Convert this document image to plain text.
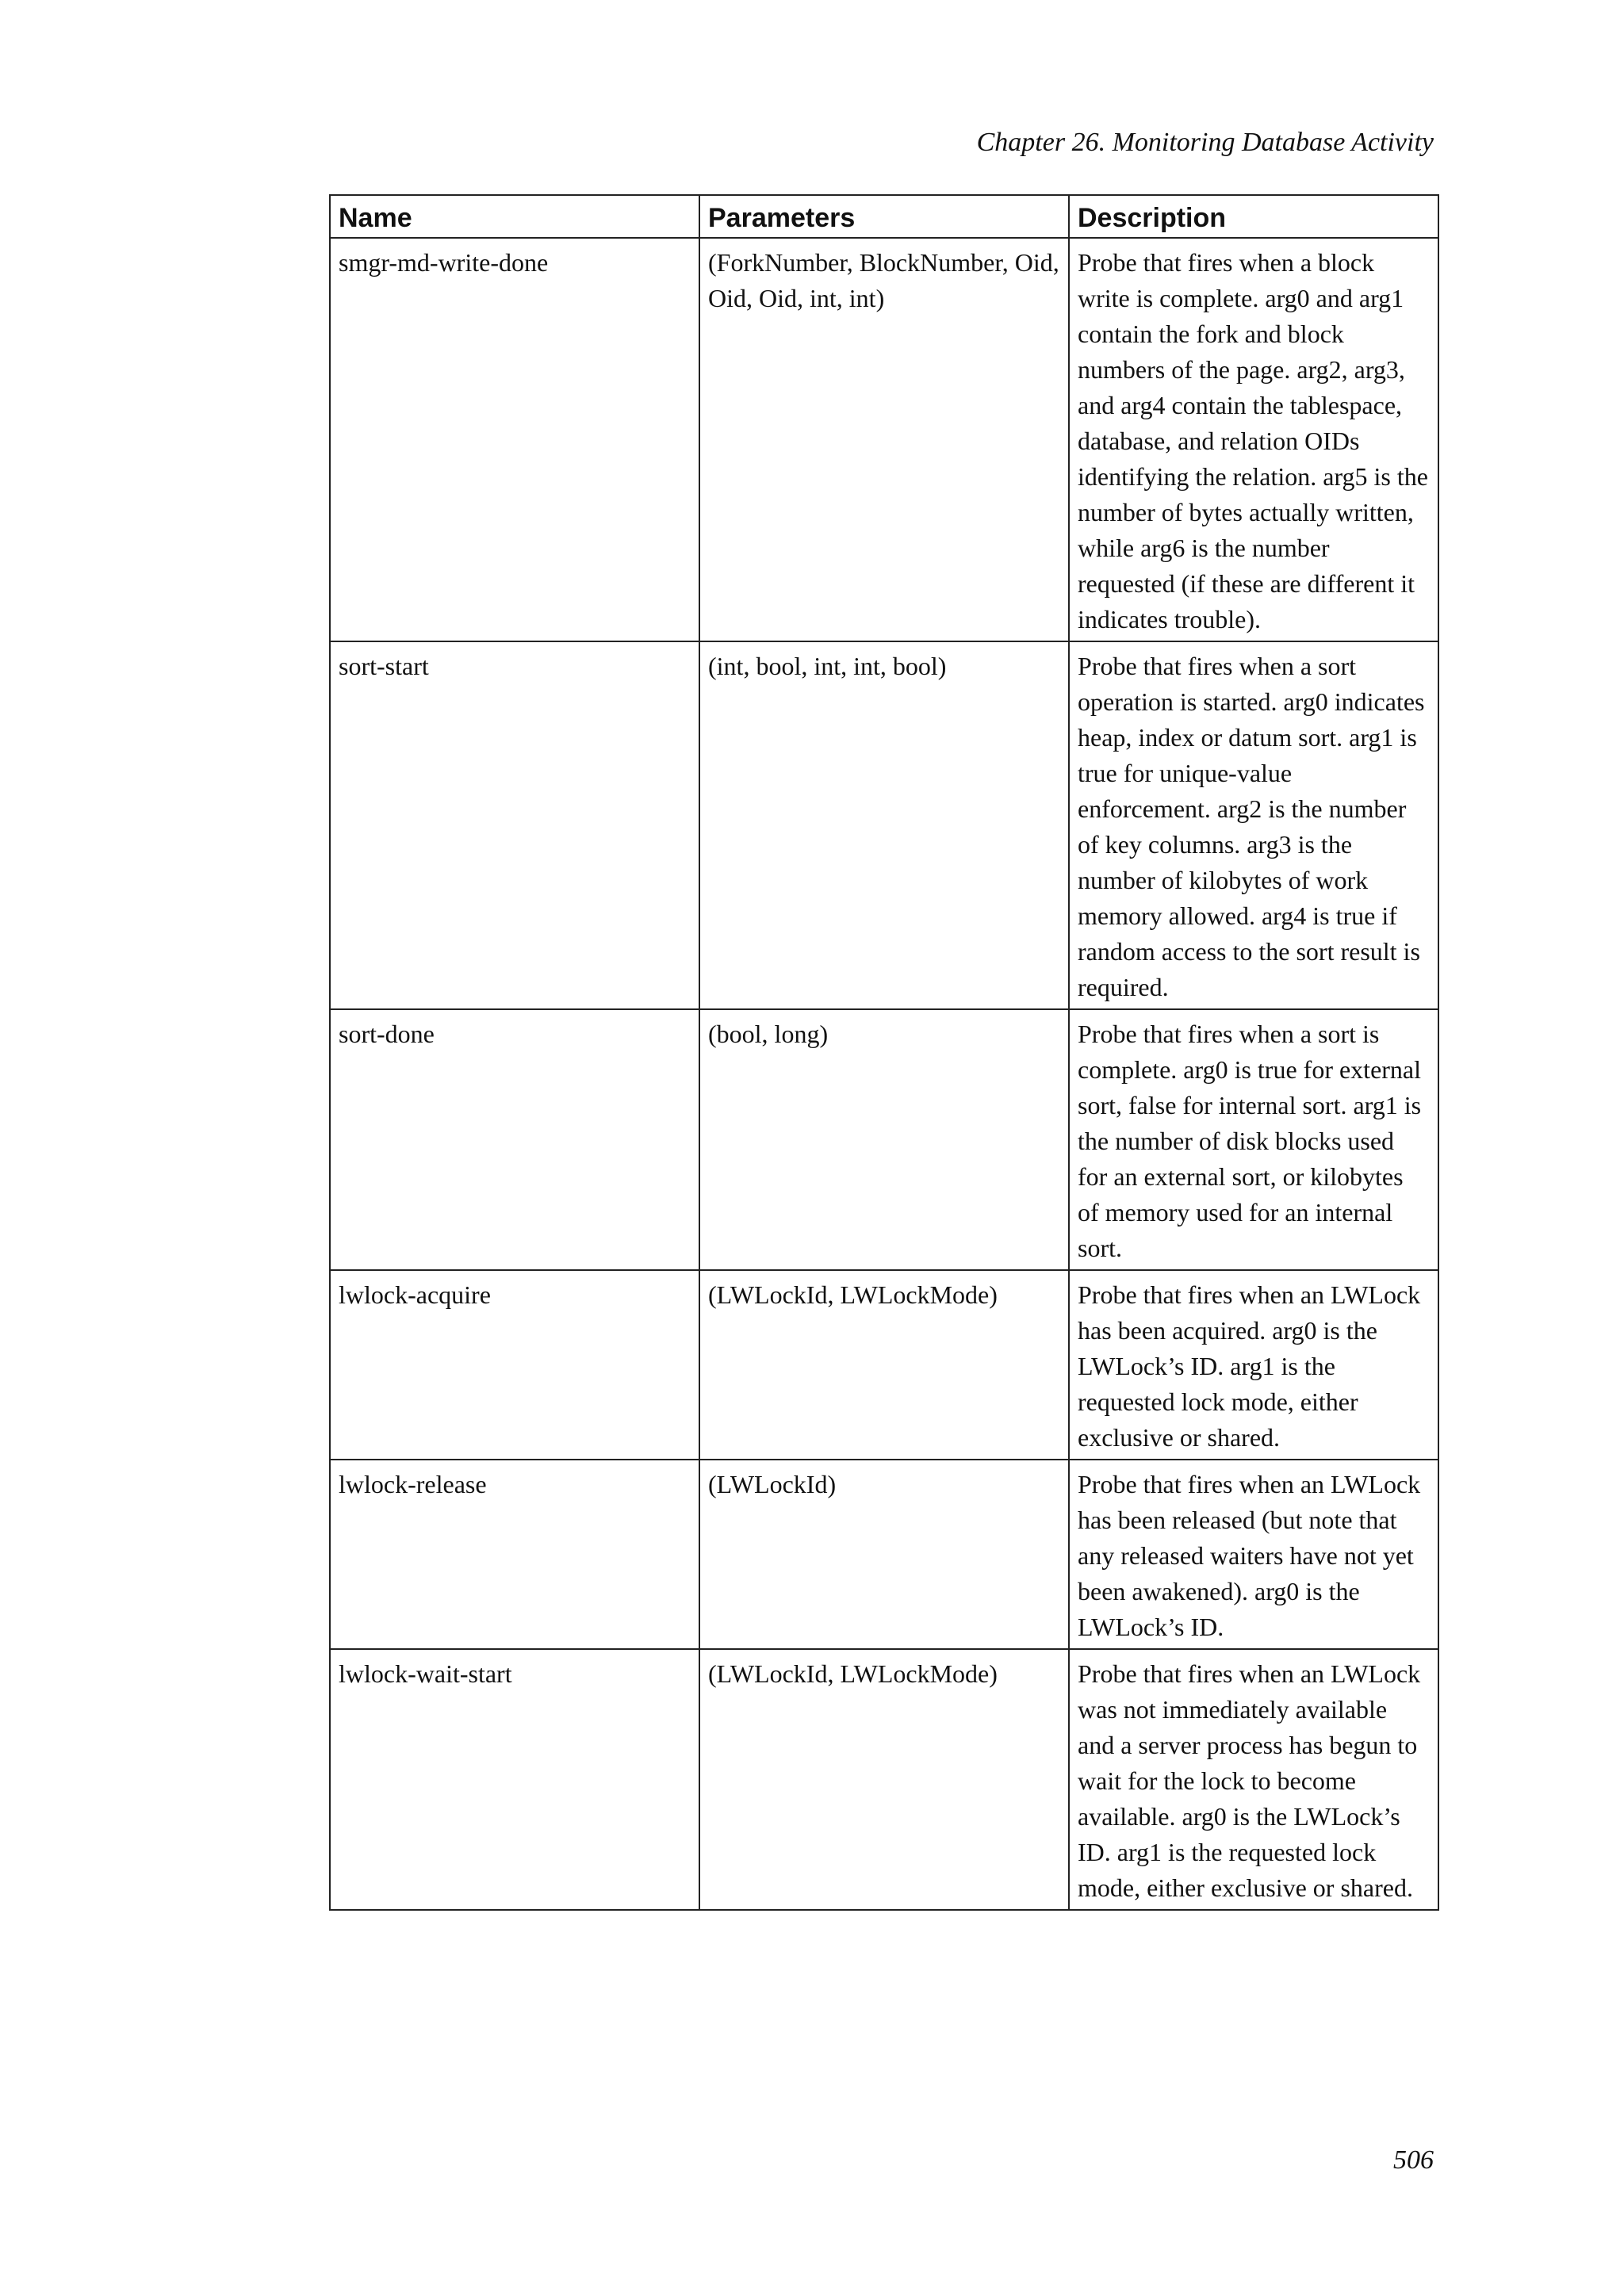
Chapter 26. Monitoring Database Activity
Name	Parameters	Description
smgr-md-write-done	(ForkNumber, BlockNumber, Oid, Oid, Oid, int, int)	Probe that fires when a block write is complete. arg0 and arg1 contain the fork and block numbers of the page. arg2, arg3, and arg4 contain the tablespace, database, and relation OIDs identifying the relation. arg5 is the number of bytes actually written, while arg6 is the number requested (if these are different it indicates trouble).
sort-start	(int, bool, int, int, bool)	Probe that fires when a sort operation is started. arg0 indicates heap, index or datum sort. arg1 is true for unique-value enforcement. arg2 is the number of key columns. arg3 is the number of kilobytes of work memory allowed. arg4 is true if random access to the sort result is required.
sort-done	(bool, long)	Probe that fires when a sort is complete. arg0 is true for external sort, false for internal sort. arg1 is the number of disk blocks used for an external sort, or kilobytes of memory used for an internal sort.
lwlock-acquire	(LWLockId, LWLockMode)	Probe that fires when an LWLock has been acquired. arg0 is the LWLock’s ID. arg1 is the requested lock mode, either exclusive or shared.
lwlock-release	(LWLockId)	Probe that fires when an LWLock has been released (but note that any released waiters have not yet been awakened). arg0 is the LWLock’s ID.
lwlock-wait-start	(LWLockId, LWLockMode)	Probe that fires when an LWLock was not immediately available and a server process has begun to wait for the lock to become available. arg0 is the LWLock’s ID. arg1 is the requested lock mode, either exclusive or shared.
506
